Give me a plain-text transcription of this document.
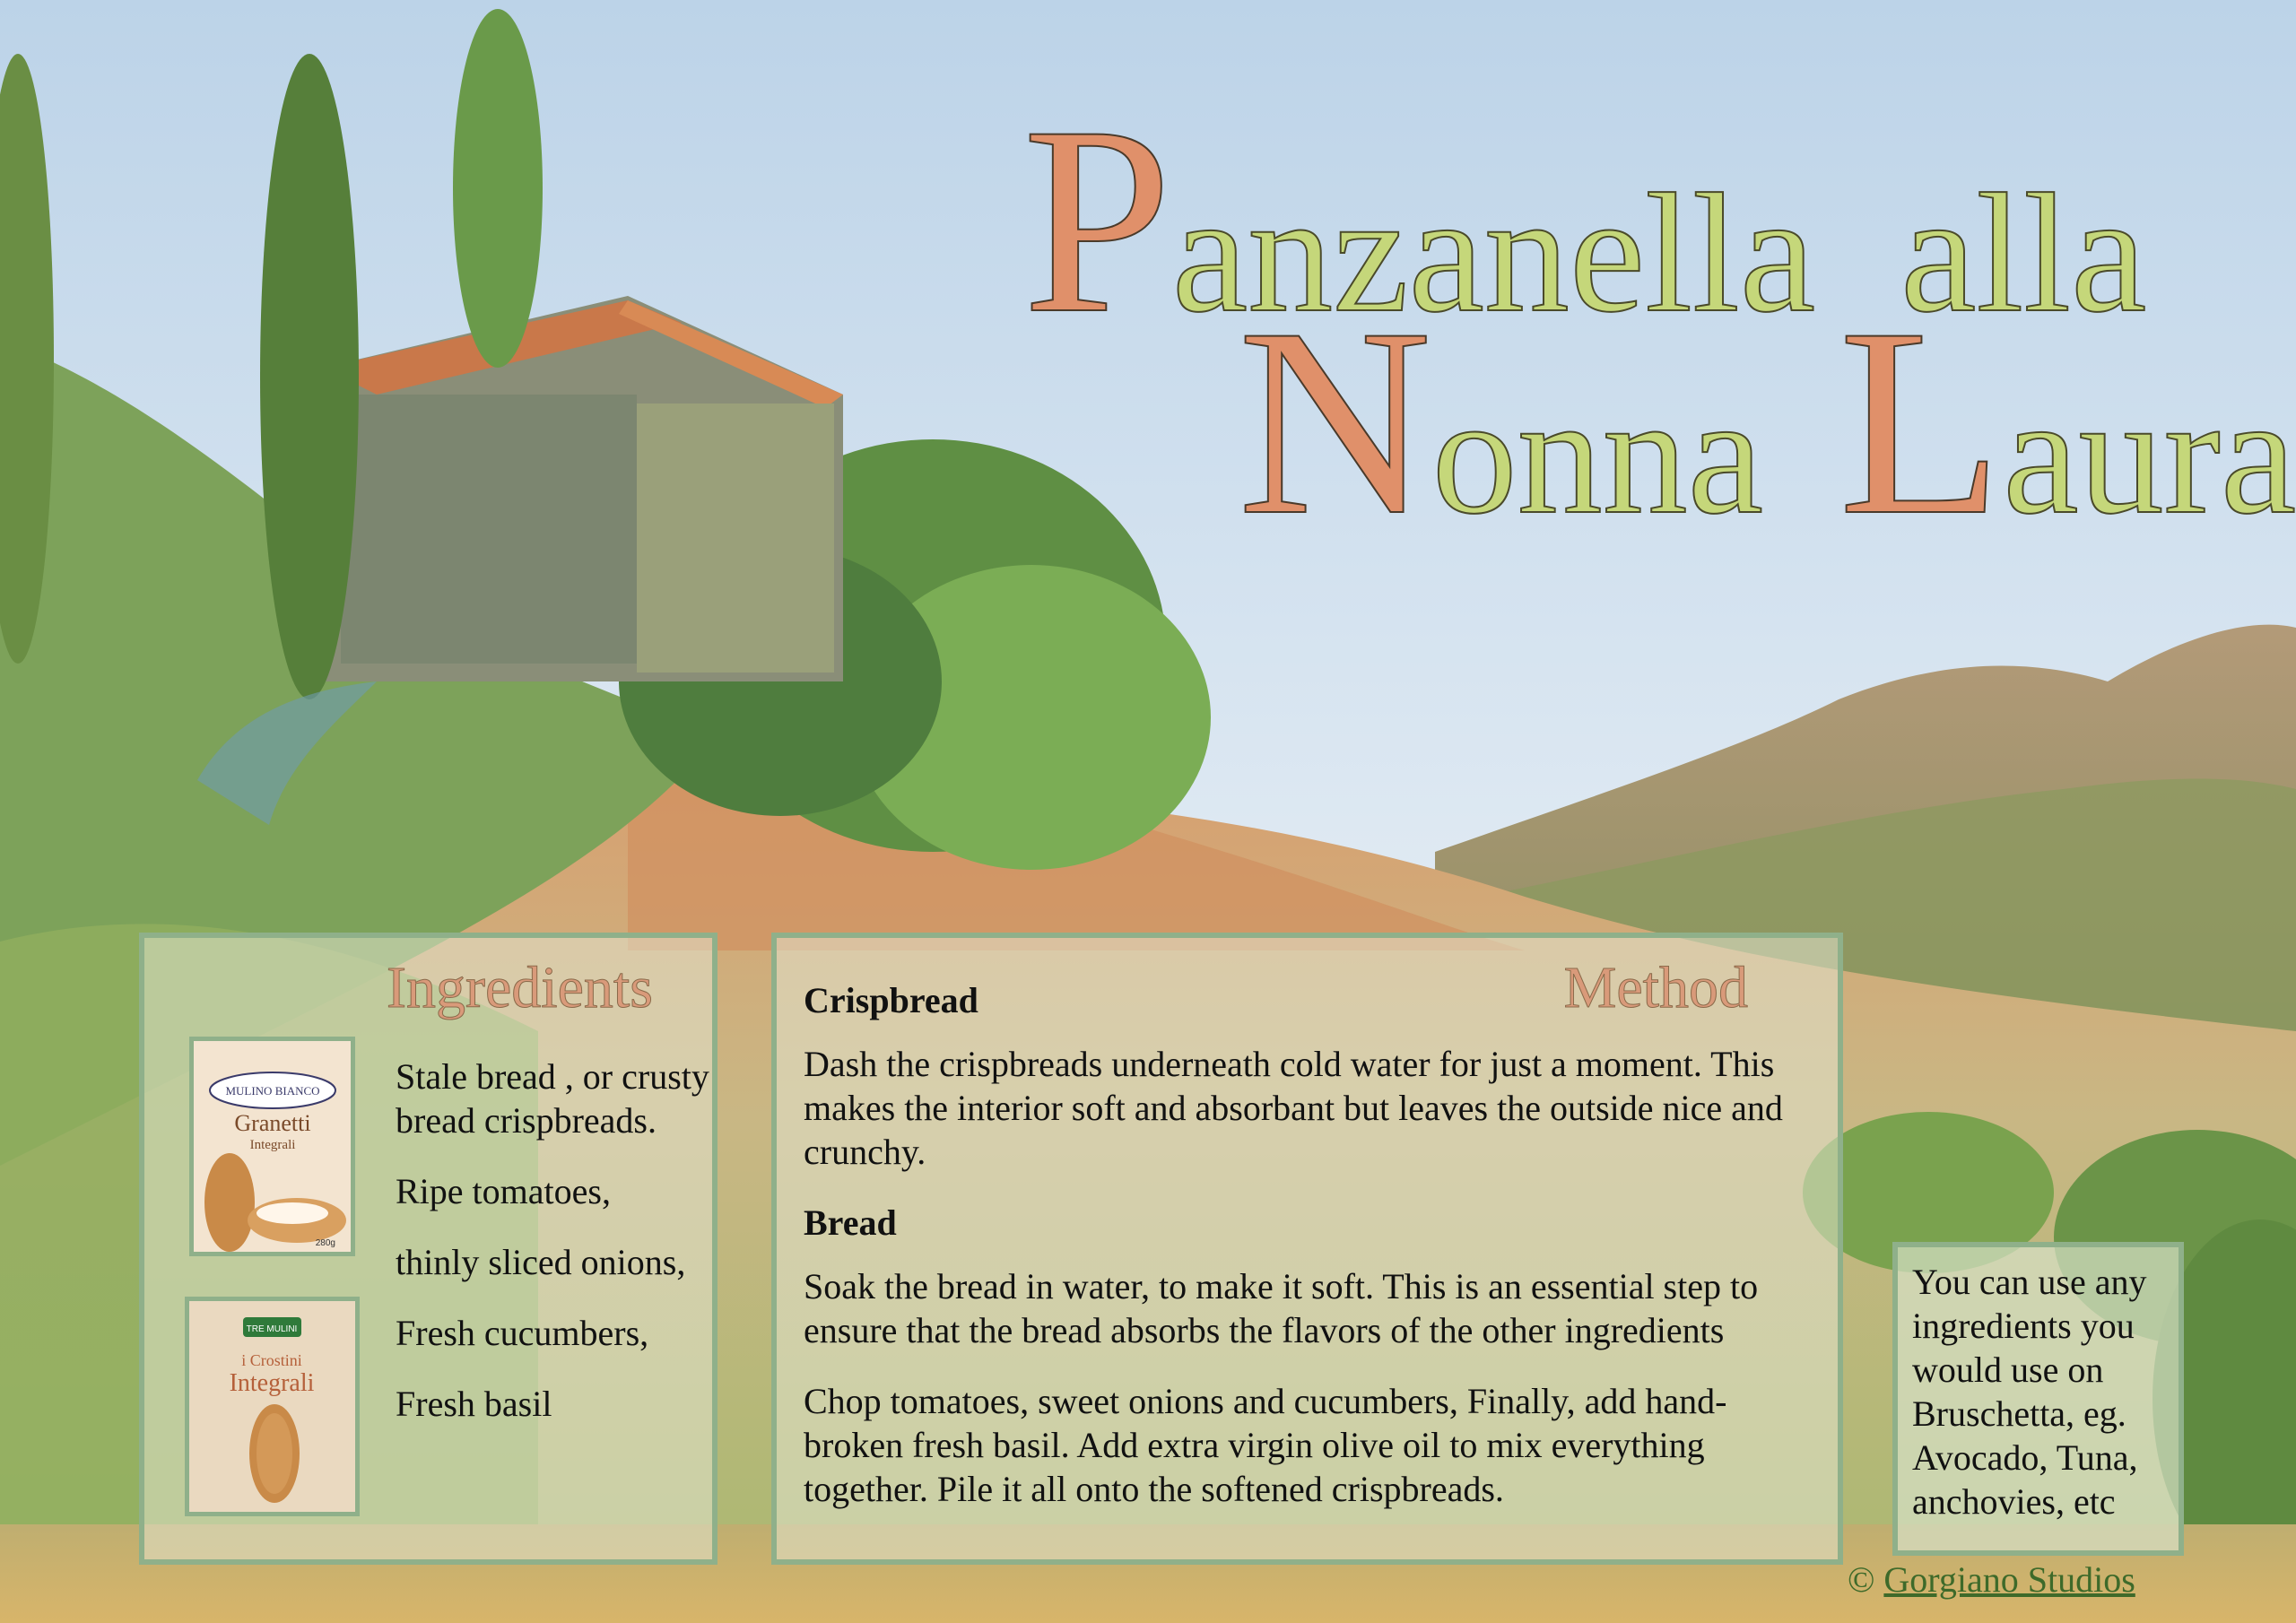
Panzanella  alla
Nonna Laura
Ingredients
MULINO BIANCO
Granetti
Integrali
280g
TRE MULINI
i Crostini
Integrali
Stale bread , or crusty bread crispbreads.
Ripe tomatoes,
thinly sliced onions,
Fresh cucumbers,
Fresh basil
Method
Crispbread
Dash the crispbreads underneath cold water for just a moment. This makes the interior soft and absorbant but leaves the outside nice and crunchy.
Bread
Soak the bread in water, to make it soft. This is an essential step to ensure that the bread absorbs the flavors of the other ingredients
Chop tomatoes, sweet onions and cucumbers, Finally, add hand-broken fresh basil. Add extra virgin olive oil to mix everything together. Pile it all onto the softened crispbreads.
You can use any ingredients you would use on Bruschetta, eg. Avocado, Tuna, anchovies, etc
© Gorgiano Studios
